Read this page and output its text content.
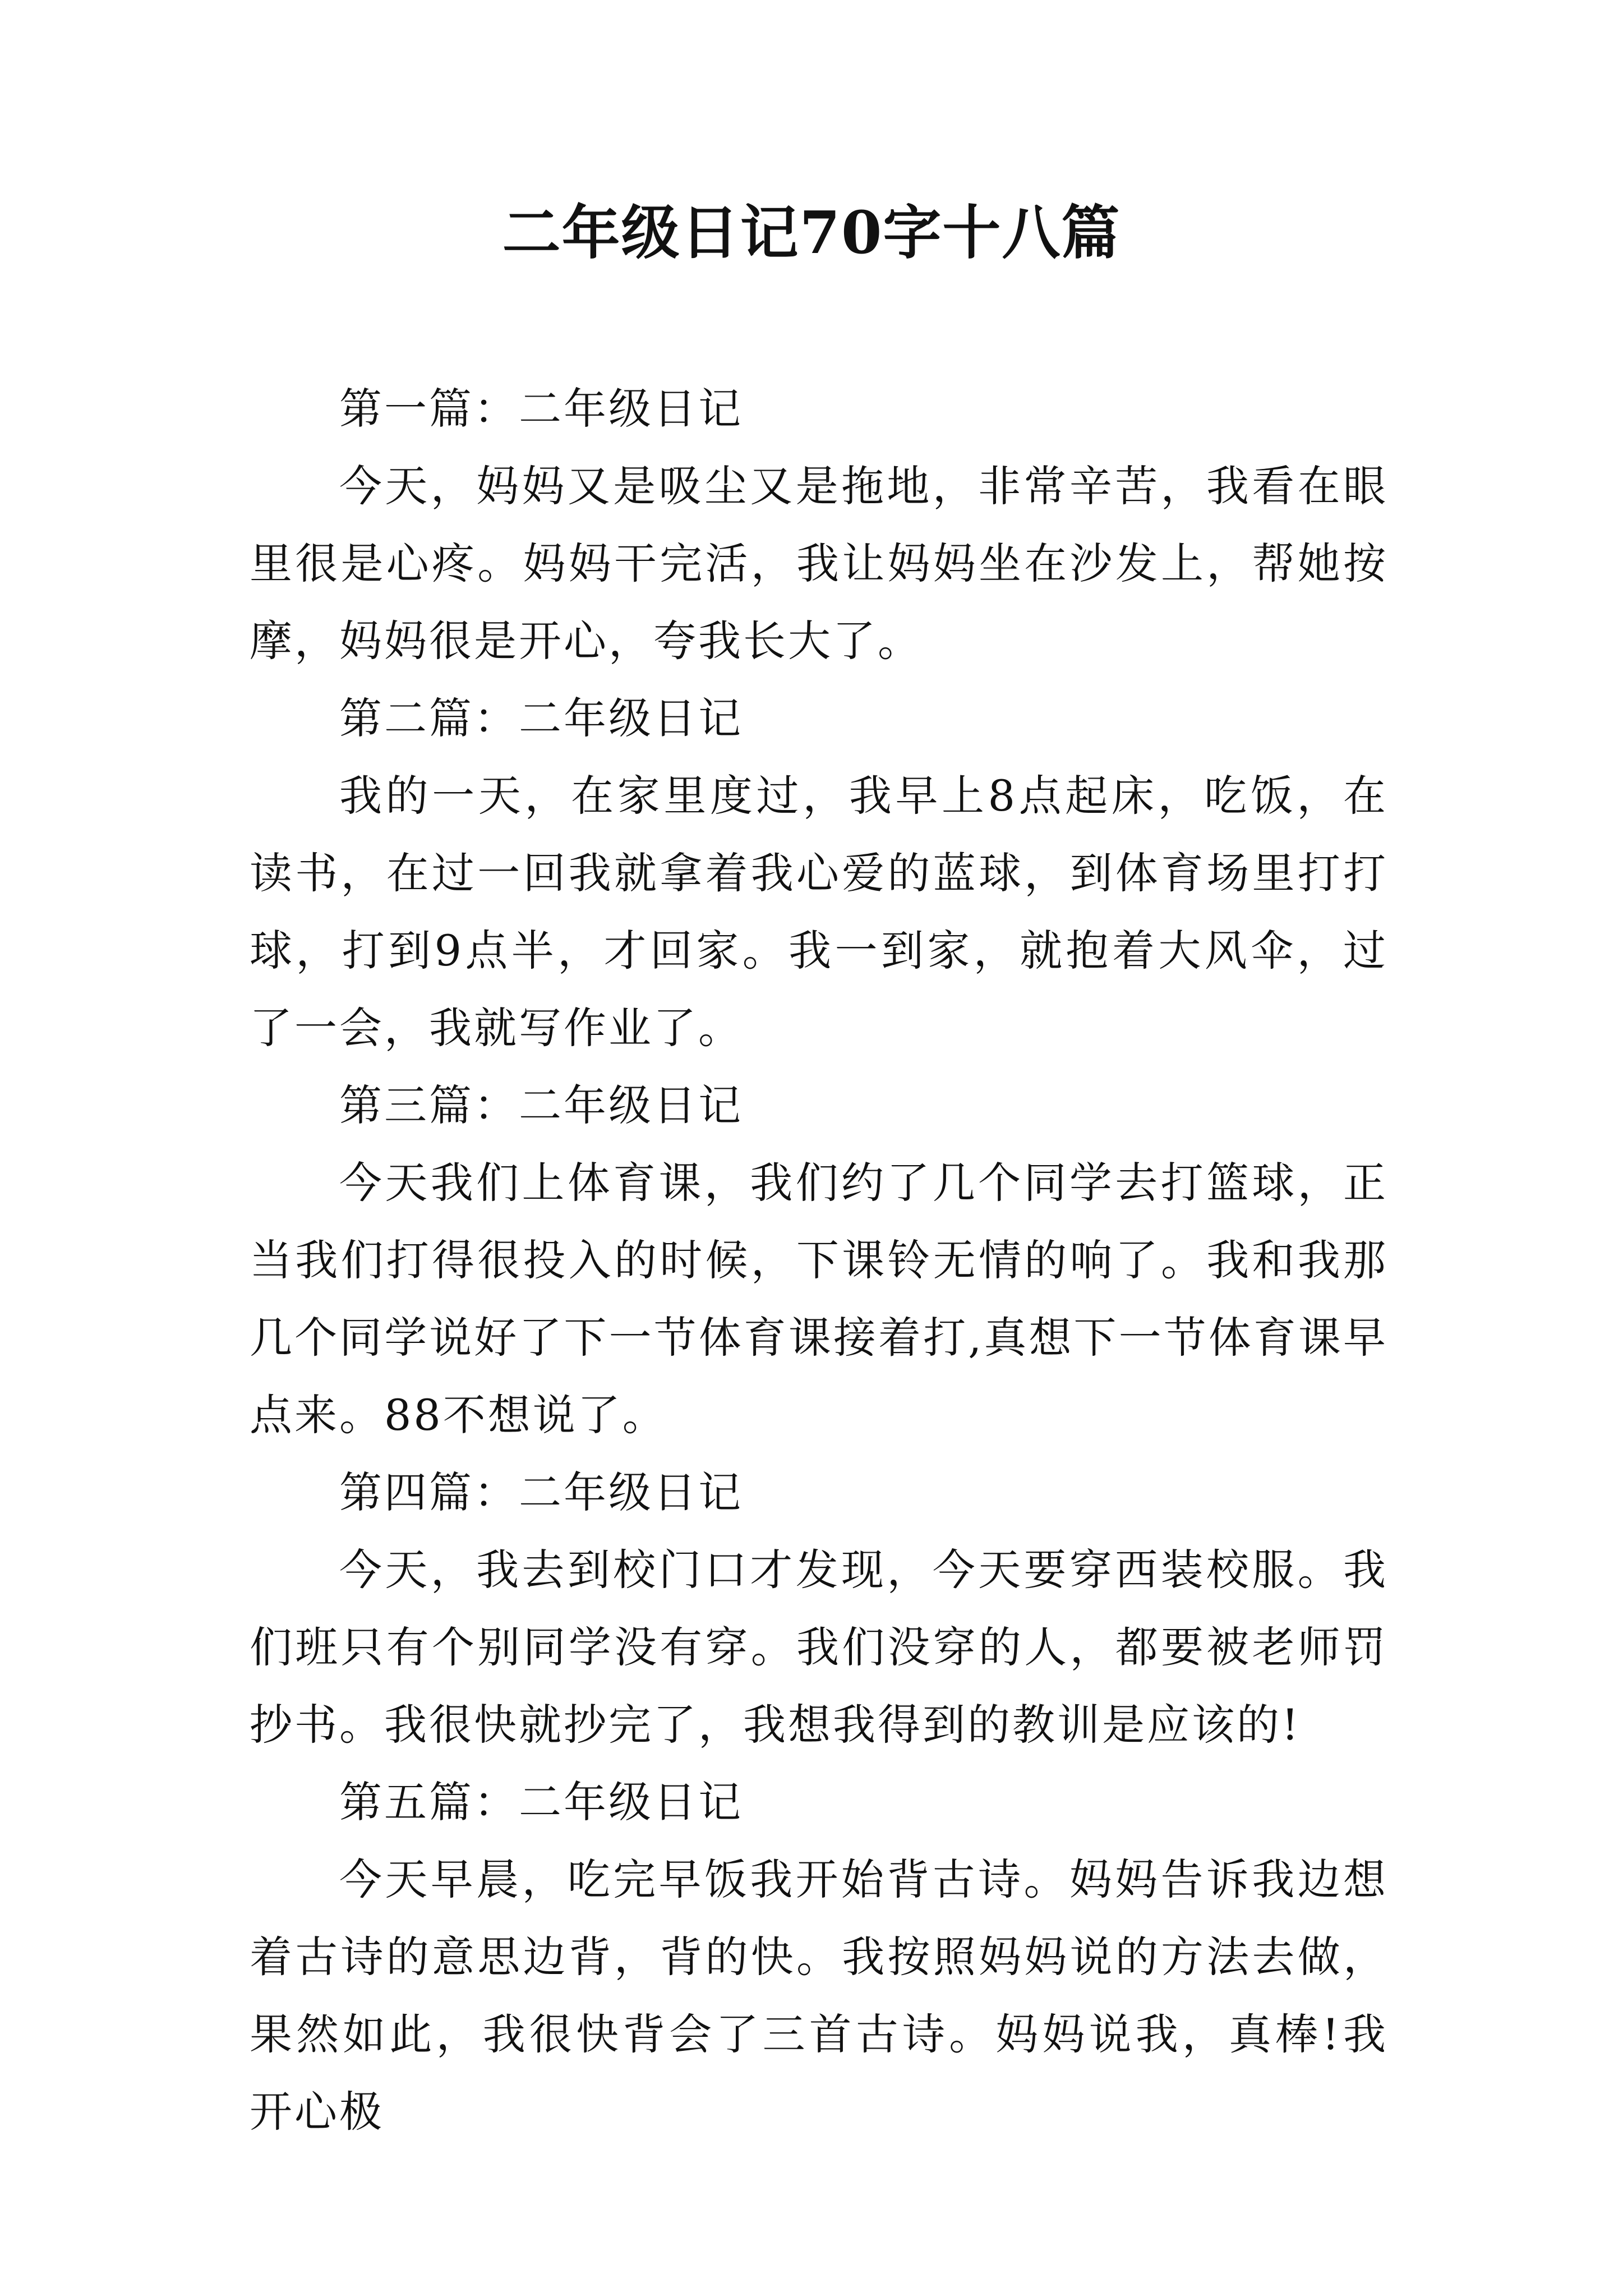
二年级日记70字十八篇

第一篇：二年级日记

今天，妈妈又是吸尘又是拖地，非常辛苦，我看在眼里很是心疼。妈妈干完活，我让妈妈坐在沙发上，帮她按摩，妈妈很是开心，夸我长大了。

第二篇：二年级日记

我的一天，在家里度过，我早上8点起床，吃饭，在读书，在过一回我就拿着我心爱的蓝球，到体育场里打打球，打到9点半，才回家。我一到家，就抱着大风伞，过了一会，我就写作业了。

第三篇：二年级日记

今天我们上体育课，我们约了几个同学去打篮球，正当我们打得很投入的时候，下课铃无情的响了。我和我那几个同学说好了下一节体育课接着打,真想下一节体育课早点来。88不想说了。

第四篇：二年级日记

今天，我去到校门口才发现，今天要穿西装校服。我们班只有个别同学没有穿。我们没穿的人，都要被老师罚抄书。我很快就抄完了，我想我得到的教训是应该的!

第五篇：二年级日记

今天早晨，吃完早饭我开始背古诗。妈妈告诉我边想着古诗的意思边背，背的快。我按照妈妈说的方法去做，果然如此，我很快背会了三首古诗。妈妈说我，真棒!我开心极
